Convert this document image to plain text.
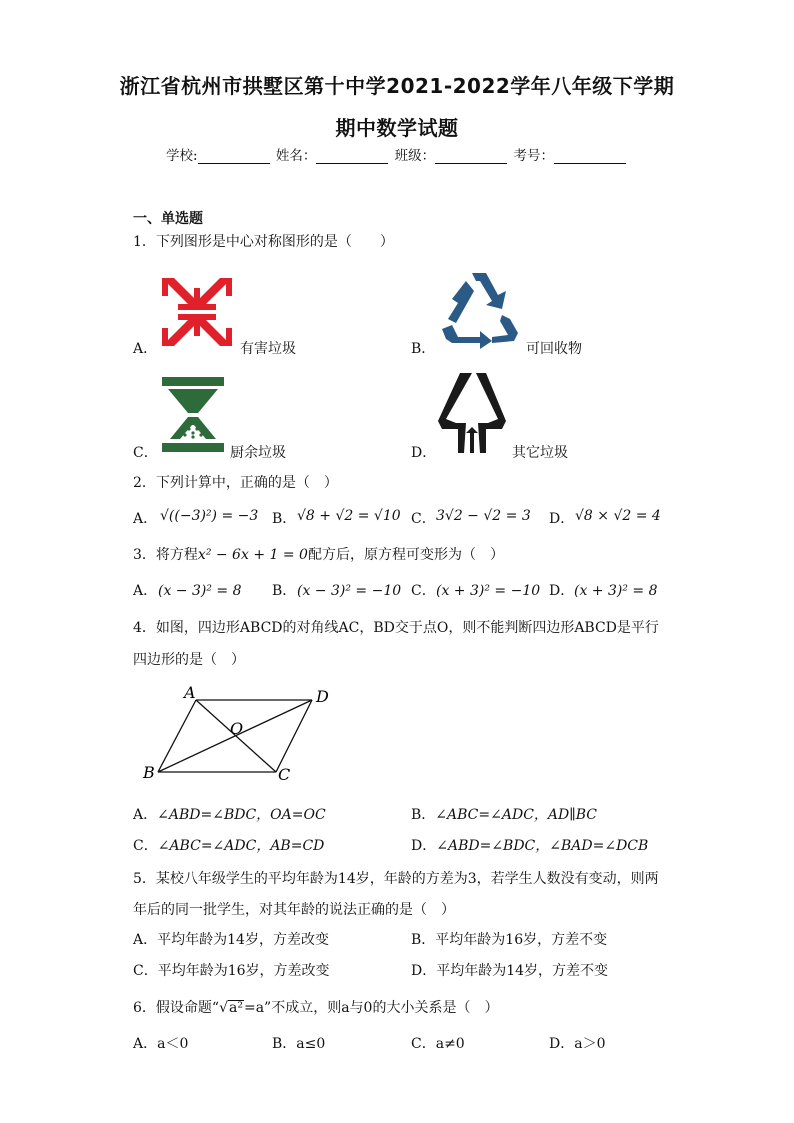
浙江省杭州市拱墅区第十中学2021-2022学年八年级下学期
期中数学试题
学校:	姓名：	班级：	考号：
一、单选题
1．下列图形是中心对称图形的是（　　）
A．	有害垃圾	B．	可回收物
C．	厨余垃圾	D．	其它垃圾
2．下列计算中，正确的是（　）
A． √((−3)²) = −3 B． √8 + √2 = √10 C． 3√2 − √2 = 3 D． √8 × √2 = 4
3．将方程x² − 6x + 1 = 0配方后，原方程可变形为（　）
A． (x − 3)² = 8 B． (x − 3)² = −10 C． (x + 3)² = −10 D． (x + 3)² = 8
4．如图，四边形ABCD的对角线AC，BD交于点O，则不能判断四边形ABCD是平行
四边形的是（　）
A	D
B	C
O
A．∠ABD=∠BDC，OA=OC	B．∠ABC=∠ADC，AD∥BC
C．∠ABC=∠ADC，AB=CD	D．∠ABD=∠BDC，∠BAD=∠DCB
5．某校八年级学生的平均年龄为14岁，年龄的方差为3，若学生人数没有变动，则两
年后的同一批学生，对其年龄的说法正确的是（　）
A．平均年龄为14岁，方差改变	B．平均年龄为16岁，方差不变
C．平均年龄为16岁，方差改变	D．平均年龄为14岁，方差不变
6．假设命题“√a²=a”不成立，则a与0的大小关系是（　）
A．a＜0	B．a≤0	C．a≠0	D．a＞0
